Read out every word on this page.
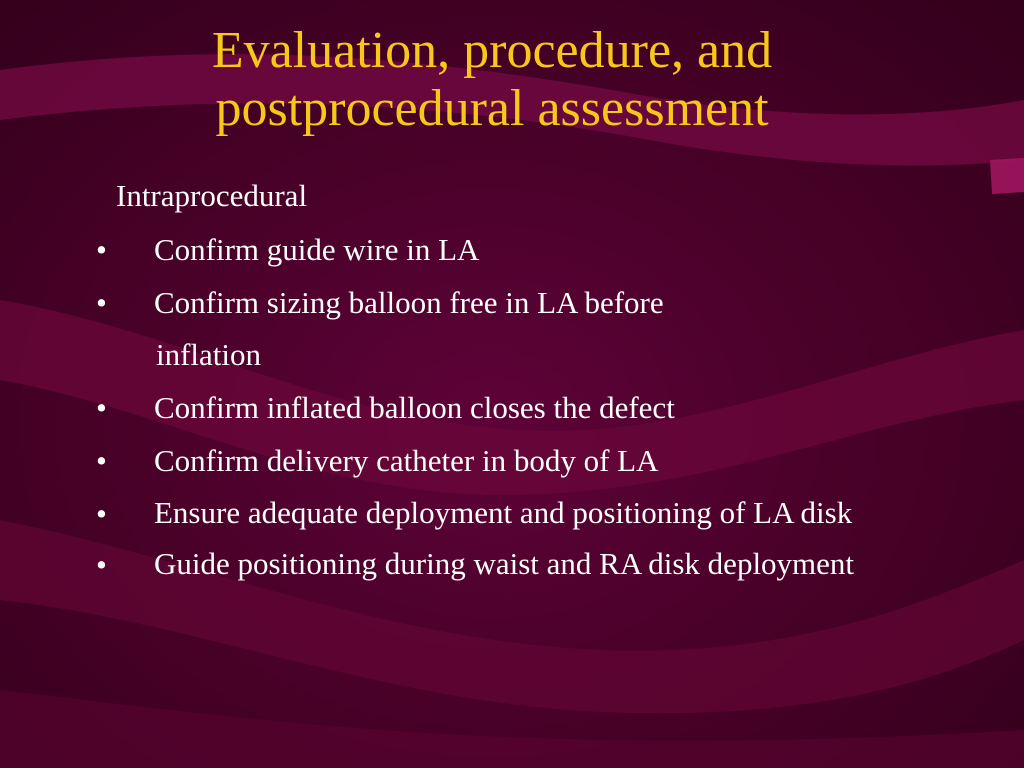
Evaluation, procedure, and
postprocedural assessment
Intraprocedural
• Confirm guide wire in LA
• Confirm sizing balloon free in LA before
inflation
• Confirm inflated balloon closes the defect
• Confirm delivery catheter in body of LA
• Ensure adequate deployment and positioning of LA disk
• Guide positioning during waist and RA disk deployment
